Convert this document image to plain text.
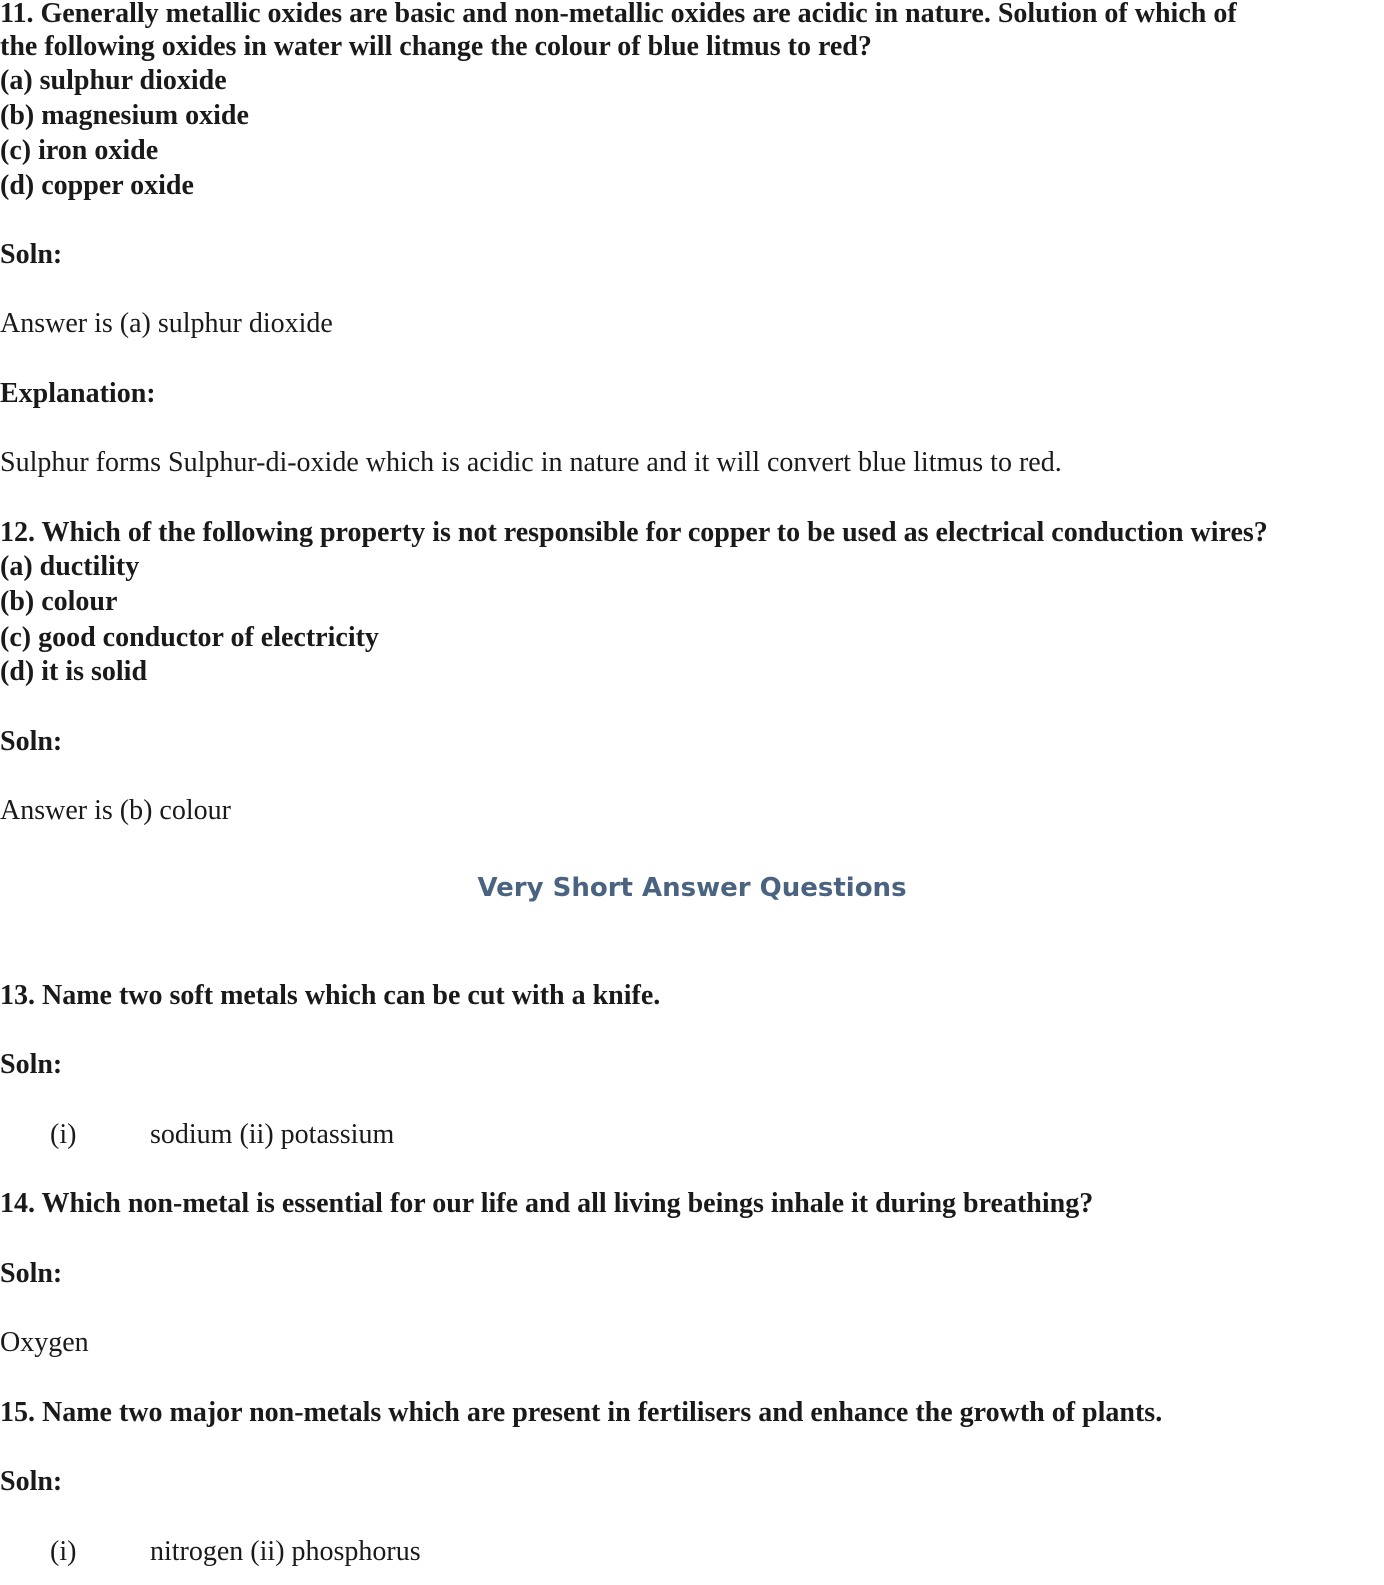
11. Generally metallic oxides are basic and non-metallic oxides are acidic in nature. Solution of which of

the following oxides in water will change the colour of blue litmus to red?

(a) sulphur dioxide

(b) magnesium oxide

(c) iron oxide

(d) copper oxide

Soln:

Answer is (a) sulphur dioxide

Explanation:

Sulphur forms Sulphur-di-oxide which is acidic in nature and it will convert blue litmus to red.

12. Which of the following property is not responsible for copper to be used as electrical conduction wires?

(a) ductility

(b) colour

(c) good conductor of electricity

(d) it is solid

Soln:

Answer is (b) colour

Very Short Answer Questions

13. Name two soft metals which can be cut with a knife.

Soln:

(i)	sodium (ii) potassium

14. Which non-metal is essential for our life and all living beings inhale it during breathing?

Soln:

Oxygen

15. Name two major non-metals which are present in fertilisers and enhance the growth of plants.

Soln:

(i)	nitrogen (ii) phosphorus
